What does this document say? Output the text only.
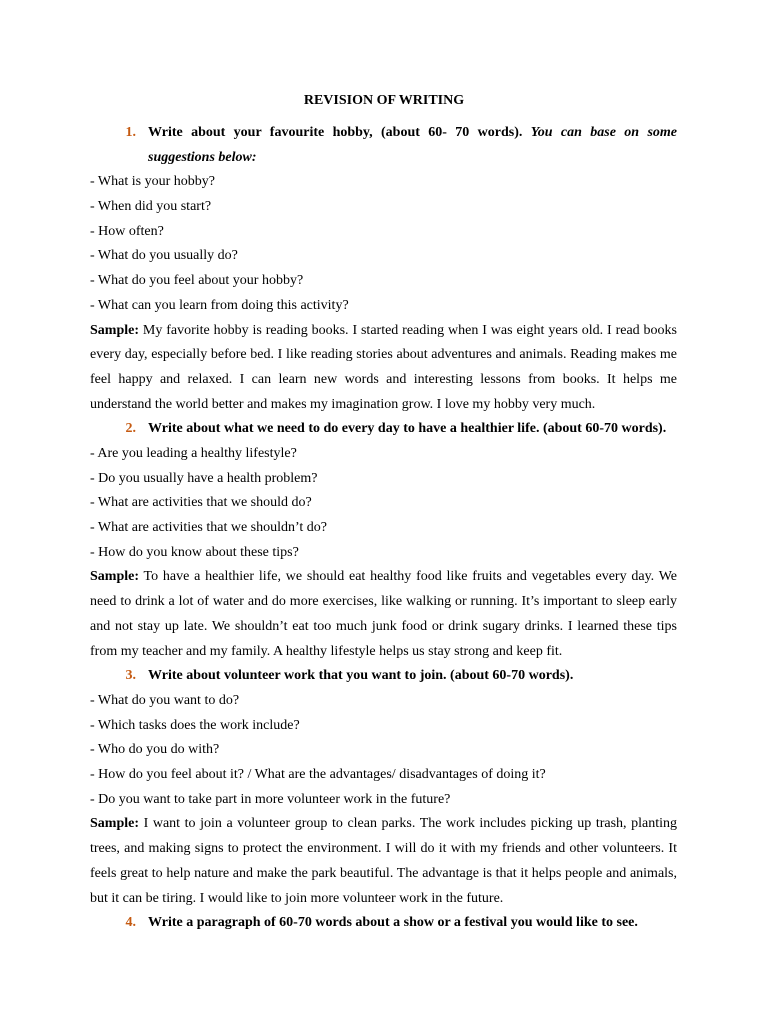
REVISION OF WRITING
1. Write about your favourite hobby, (about 60- 70 words). You can base on some suggestions below:
- What is your hobby?
- When did you start?
- How often?
- What do you usually do?
- What do you feel about your hobby?
- What can you learn from doing this activity?
Sample: My favorite hobby is reading books. I started reading when I was eight years old. I read books every day, especially before bed. I like reading stories about adventures and animals. Reading makes me feel happy and relaxed. I can learn new words and interesting lessons from books. It helps me understand the world better and makes my imagination grow. I love my hobby very much.
2. Write about what we need to do every day to have a healthier life. (about 60-70 words).
- Are you leading a healthy lifestyle?
- Do you usually have a health problem?
- What are activities that we should do?
- What are activities that we shouldn’t do?
- How do you know about these tips?
Sample: To have a healthier life, we should eat healthy food like fruits and vegetables every day. We need to drink a lot of water and do more exercises, like walking or running. It’s important to sleep early and not stay up late. We shouldn’t eat too much junk food or drink sugary drinks. I learned these tips from my teacher and my family. A healthy lifestyle helps us stay strong and keep fit.
3. Write about volunteer work that you want to join. (about 60-70 words).
- What do you want to do?
- Which tasks does the work include?
- Who do you do with?
- How do you feel about it? / What are the advantages/ disadvantages of doing it?
- Do you want to take part in more volunteer work in the future?
Sample: I want to join a volunteer group to clean parks. The work includes picking up trash, planting trees, and making signs to protect the environment. I will do it with my friends and other volunteers. It feels great to help nature and make the park beautiful. The advantage is that it helps people and animals, but it can be tiring. I would like to join more volunteer work in the future.
4. Write a paragraph of 60-70 words about a show or a festival you would like to see.
